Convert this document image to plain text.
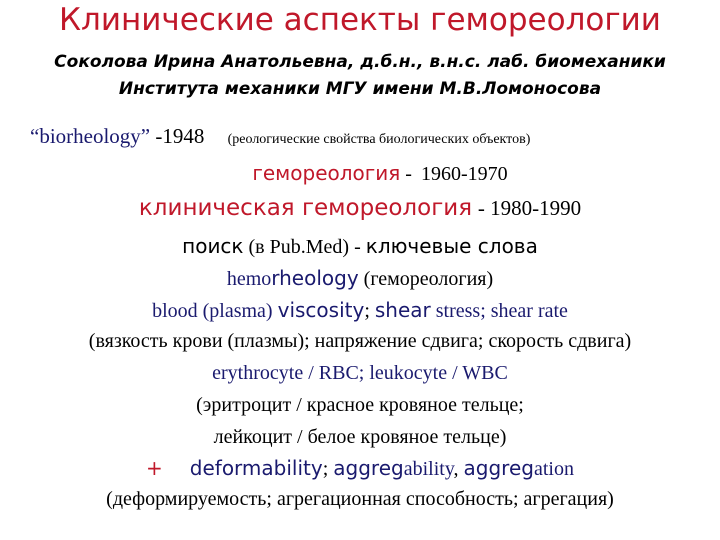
Клинические аспекты гемореологии
Соколова Ирина Анатольевна, д.б.н., в.н.с. лаб. биомеханики
Института механики МГУ имени М.В.Ломоносова
“biorheology” -1948 (реологические свойства биологических объектов)
гемореология - 1960-1970
клиническая гемореология - 1980-1990
поиск (в Pub.Med) - ключевые слова
hemorheology (гемореология)
blood (plasma) viscosity; shear stress; shear rate
(вязкость крови (плазмы); напряжение сдвига; скорость сдвига)
erythrocyte / RBC; leukocyte / WBC
(эритроцит / красное кровяное тельце;
лейкоцит / белое кровяное тельце)
+ deformability; aggregability, aggregation
(деформируемость; агрегационная способность; агрегация)
